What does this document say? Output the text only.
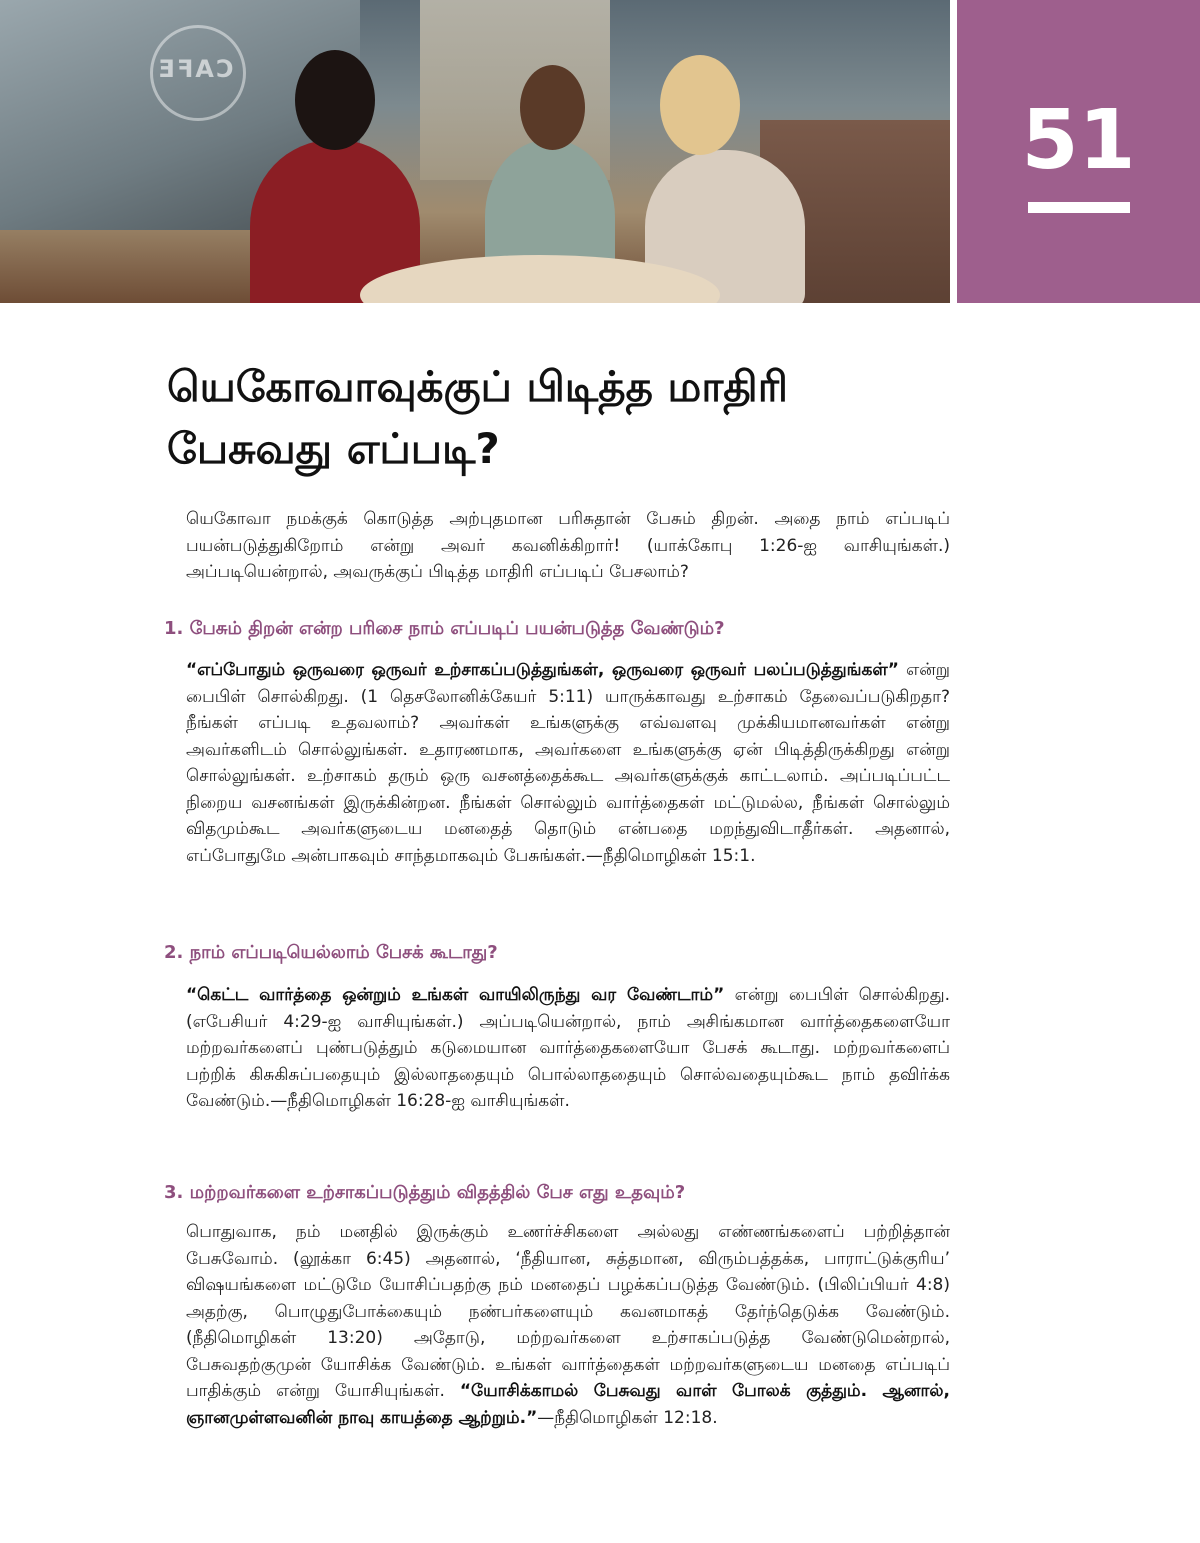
CAFE
51
யெகோவாவுக்குப் பிடித்த மாதிரி பேசுவது எப்படி?

யெகோவா நமக்குக் கொடுத்த அற்புதமான பரிசுதான் பேசும் திறன். அதை நாம் எப்படிப் பயன்படுத்துகிறோம் என்று அவர் கவனிக்கிறார்! (யாக்கோபு 1:26-ஐ வாசியுங்கள்.) அப்படியென்றால், அவருக்குப் பிடித்த மாதிரி எப்படிப் பேசலாம்?

1. பேசும் திறன் என்ற பரிசை நாம் எப்படிப் பயன்படுத்த வேண்டும்?

“எப்போதும் ஒருவரை ஒருவர் உற்சாகப்படுத்துங்கள், ஒருவரை ஒருவர் பலப்படுத்துங்கள்” என்று பைபிள் சொல்கிறது. (1 தெசலோனிக்கேயர் 5:11) யாருக்காவது உற்சாகம் தேவைப்படுகிறதா? நீங்கள் எப்படி உதவலாம்? அவர்கள் உங்களுக்கு எவ்வளவு முக்கியமானவர்கள் என்று அவர்களிடம் சொல்லுங்கள். உதாரணமாக, அவர்களை உங்களுக்கு ஏன் பிடித்திருக்கிறது என்று சொல்லுங்கள். உற்சாகம் தரும் ஒரு வசனத்தைக்கூட அவர்களுக்குக் காட்டலாம். அப்படிப்பட்ட நிறைய வசனங்கள் இருக்கின்றன. நீங்கள் சொல்லும் வார்த்தைகள் மட்டுமல்ல, நீங்கள் சொல்லும் விதமும்கூட அவர்களுடைய மனதைத் தொடும் என்பதை மறந்துவிடாதீர்கள். அதனால், எப்போதுமே அன்பாகவும் சாந்தமாகவும் பேசுங்கள்.—நீதிமொழிகள் 15:1.

2. நாம் எப்படியெல்லாம் பேசக் கூடாது?

“கெட்ட வார்த்தை ஒன்றும் உங்கள் வாயிலிருந்து வர வேண்டாம்” என்று பைபிள் சொல்கிறது. (எபேசியர் 4:29-ஐ வாசியுங்கள்.) அப்படியென்றால், நாம் அசிங்கமான வார்த்தைகளையோ மற்றவர்களைப் புண்படுத்தும் கடுமையான வார்த்தைகளையோ பேசக் கூடாது. மற்றவர்களைப் பற்றிக் கிசுகிசுப்பதையும் இல்லாததையும் பொல்லாததையும் சொல்வதையும்கூட நாம் தவிர்க்க வேண்டும்.—நீதிமொழிகள் 16:28-ஐ வாசியுங்கள்.

3. மற்றவர்களை உற்சாகப்படுத்தும் விதத்தில் பேச எது உதவும்?

பொதுவாக, நம் மனதில் இருக்கும் உணர்ச்சிகளை அல்லது எண்ணங்களைப் பற்றித்தான் பேசுவோம். (லூக்கா 6:45) அதனால், ‘நீதியான, சுத்தமான, விரும்பத்தக்க, பாராட்டுக்குரிய’ விஷயங்களை மட்டுமே யோசிப்பதற்கு நம் மனதைப் பழக்கப்படுத்த வேண்டும். (பிலிப்பியர் 4:8) அதற்கு, பொழுதுபோக்கையும் நண்பர்களையும் கவனமாகத் தேர்ந்தெடுக்க வேண்டும். (நீதிமொழிகள் 13:20) அதோடு, மற்றவர்களை உற்சாகப்படுத்த வேண்டுமென்றால், பேசுவதற்குமுன் யோசிக்க வேண்டும். உங்கள் வார்த்தைகள் மற்றவர்களுடைய மனதை எப்படிப் பாதிக்கும் என்று யோசியுங்கள். “யோசிக்காமல் பேசுவது வாள் போலக் குத்தும். ஆனால், ஞானமுள்ளவனின் நாவு காயத்தை ஆற்றும்.”—நீதிமொழிகள் 12:18.
